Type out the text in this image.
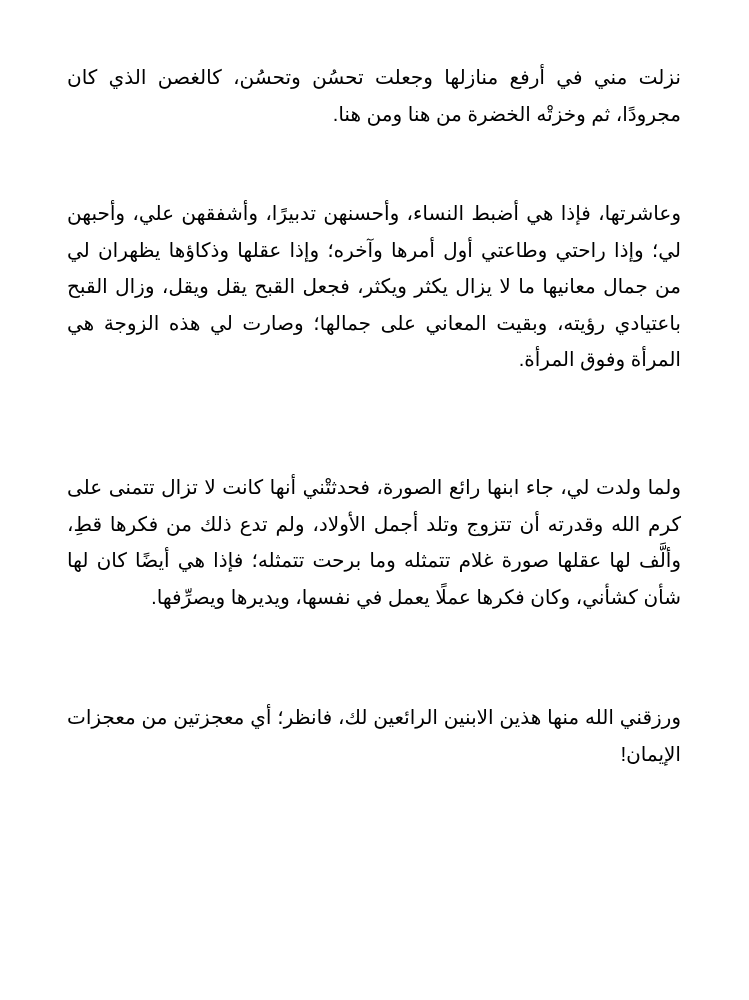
نزلت مني في أرفع منازلها وجعلت تحسُن وتحسُن، كالغصن الذي كان مجرودًا، ثم وخزتْه الخضرة من هنا ومن هنا.

وعاشرتها، فإذا هي أضبط النساء، وأحسنهن تدبيرًا، وأشفقهن علي، وأحبهن لي؛ وإذا راحتي وطاعتي أول أمرها وآخره؛ وإذا عقلها وذكاؤها يظهران لي من جمال معانيها ما لا يزال يكثر ويكثر، فجعل القبح يقل ويقل، وزال القبح باعتيادي رؤيته، وبقيت المعاني على جمالها؛ وصارت لي هذه الزوجة هي المرأة وفوق المرأة.

ولما ولدت لي، جاء ابنها رائع الصورة، فحدثتْني أنها كانت لا تزال تتمنى على كرم الله وقدرته أن تتزوج وتلد أجمل الأولاد، ولم تدع ذلك من فكرها قطِ، وألَّف لها عقلها صورة غلام تتمثله وما برحت تتمثله؛ فإذا هي أيضًا كان لها شأن كشأني، وكان فكرها عملًا يعمل في نفسها، ويديرها ويصرِّفها.

ورزقني الله منها هذين الابنين الرائعين لك، فانظر؛ أي معجزتين من معجزات الإيمان!
